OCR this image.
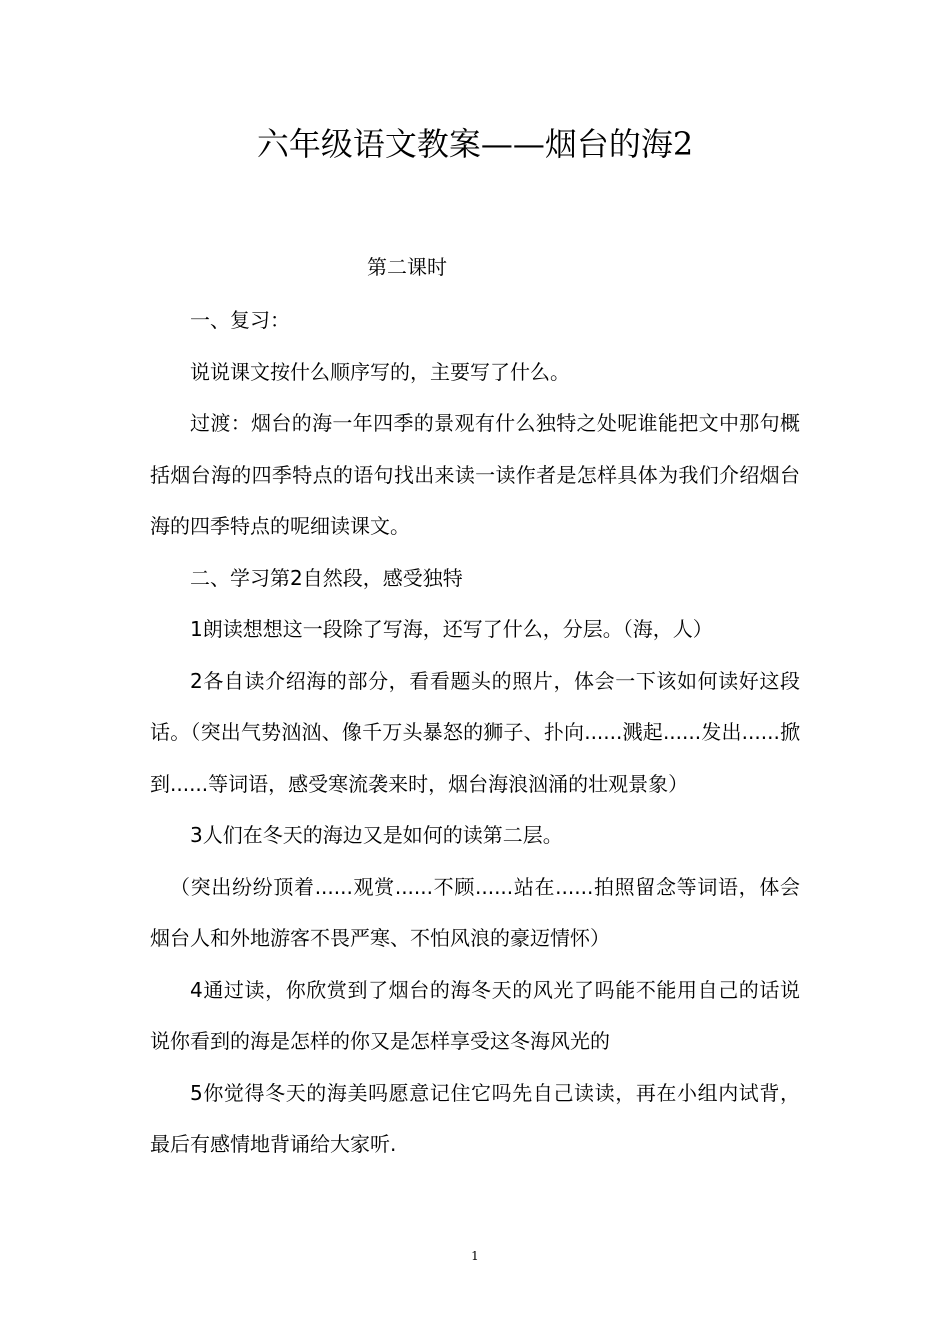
六年级语文教案——烟台的海2
第二课时

一、复习：

说说课文按什么顺序写的，主要写了什么。

过渡：烟台的海一年四季的景观有什么独特之处呢谁能把文中那句概括烟台海的四季特点的语句找出来读一读作者是怎样具体为我们介绍烟台海的四季特点的呢细读课文。

二、学习第2自然段，感受独特

1朗读想想这一段除了写海，还写了什么，分层。（海，人）

2各自读介绍海的部分，看看题头的照片，体会一下该如何读好这段话。（突出气势汹汹、像千万头暴怒的狮子、扑向......溅起......发出......掀到......等词语，感受寒流袭来时，烟台海浪汹涌的壮观景象）

3人们在冬天的海边又是如何的读第二层。

（突出纷纷顶着......观赏......不顾......站在......拍照留念等词语，体会烟台人和外地游客不畏严寒、不怕风浪的豪迈情怀）

4通过读，你欣赏到了烟台的海冬天的风光了吗能不能用自己的话说说你看到的海是怎样的你又是怎样享受这冬海风光的

5你觉得冬天的海美吗愿意记住它吗先自己读读，再在小组内试背，最后有感情地背诵给大家听.

1
